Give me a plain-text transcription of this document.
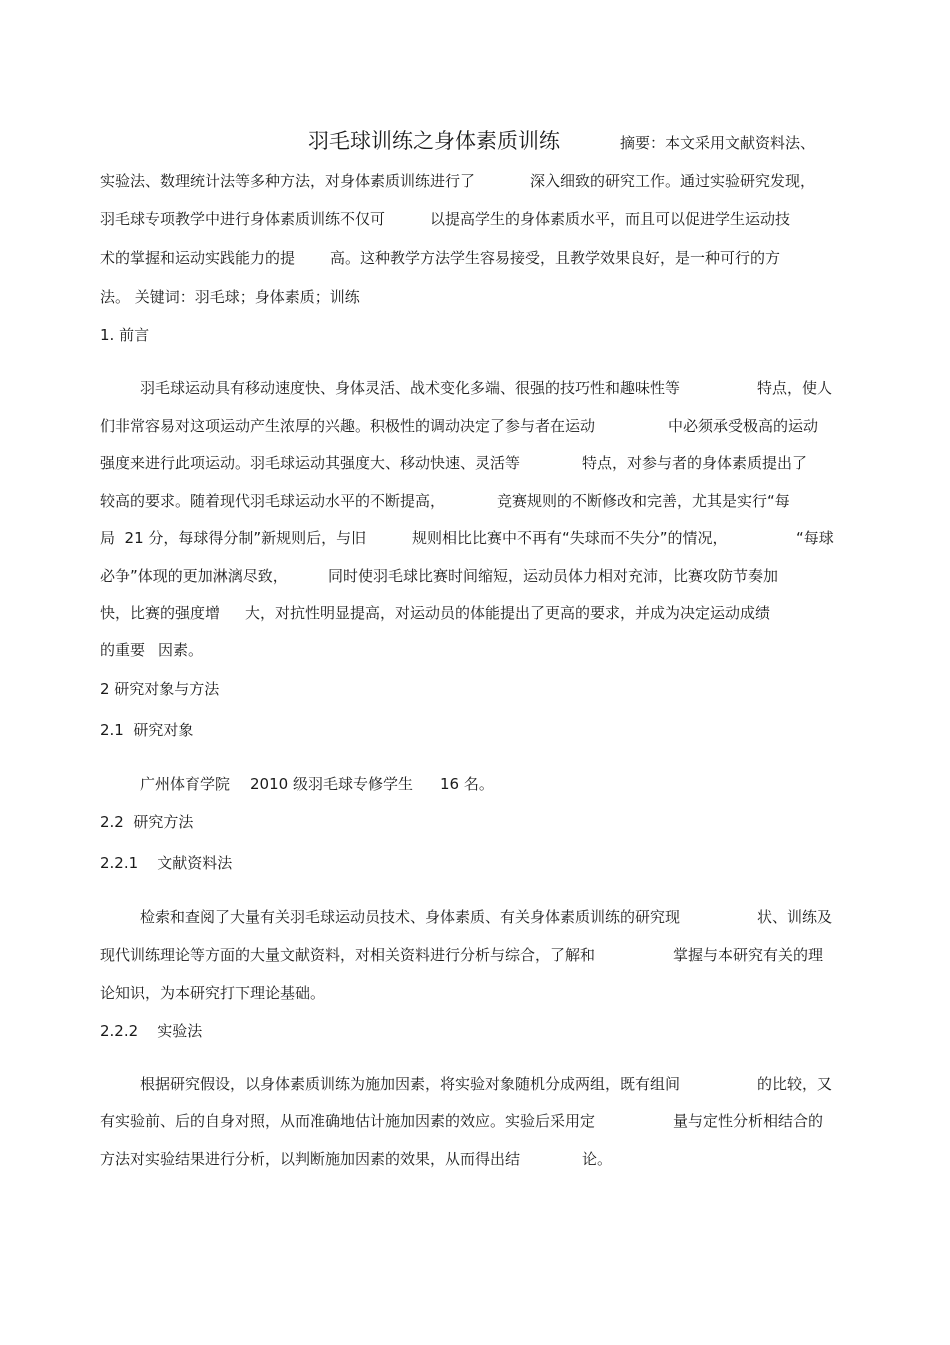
羽毛球训练之身体素质训练	摘要：本文采用文献资料法、
实验法、数理统计法等多种方法，对身体素质训练进行了	深入细致的研究工作。通过实验研究发现，
羽毛球专项教学中进行身体素质训练不仅可	以提高学生的身体素质水平，而且可以促进学生运动技
术的掌握和运动实践能力的提 高。这种教学方法学生容易接受，且教学效果良好，是一种可行的方
法。 关键词：羽毛球；身体素质；训练
1. 前言
羽毛球运动具有移动速度快、身体灵活、战术变化多端、很强的技巧性和趣味性等	特点，使人
们非常容易对这项运动产生浓厚的兴趣。积极性的调动决定了参与者在运动	中必须承受极高的运动
强度来进行此项运动。羽毛球运动其强度大、移动快速、灵活等	特点，对参与者的身体素质提出了
较高的要求。随着现代羽毛球运动水平的不断提高，	竞赛规则的不断修改和完善，尤其是实行“每
局  21 分，每球得分制”新规则后，与旧	规则相比比赛中不再有“失球而不失分”的情况，	“每球
必争”体现的更加淋漓尽致，	同时使羽毛球比赛时间缩短，运动员体力相对充沛，比赛攻防节奏加
快，比赛的强度增 大，对抗性明显提高，对运动员的体能提出了更高的要求，并成为决定运动成绩
的重要 因素。
2 研究对象与方法
2.1  研究对象
广州体育学院 2010 级羽毛球专修学生 16 名。
2.2  研究方法
2.2.1    文献资料法
检索和查阅了大量有关羽毛球运动员技术、身体素质、有关身体素质训练的研究现	状、训练及
现代训练理论等方面的大量文献资料，对相关资料进行分析与综合，了解和	掌握与本研究有关的理
论知识，为本研究打下理论基础。
2.2.2    实验法
根据研究假设，以身体素质训练为施加因素，将实验对象随机分成两组，既有组间	的比较，又
有实验前、后的自身对照，从而准确地估计施加因素的效应。实验后采用定	量与定性分析相结合的
方法对实验结果进行分析，以判断施加因素的效果，从而得出结	论。
